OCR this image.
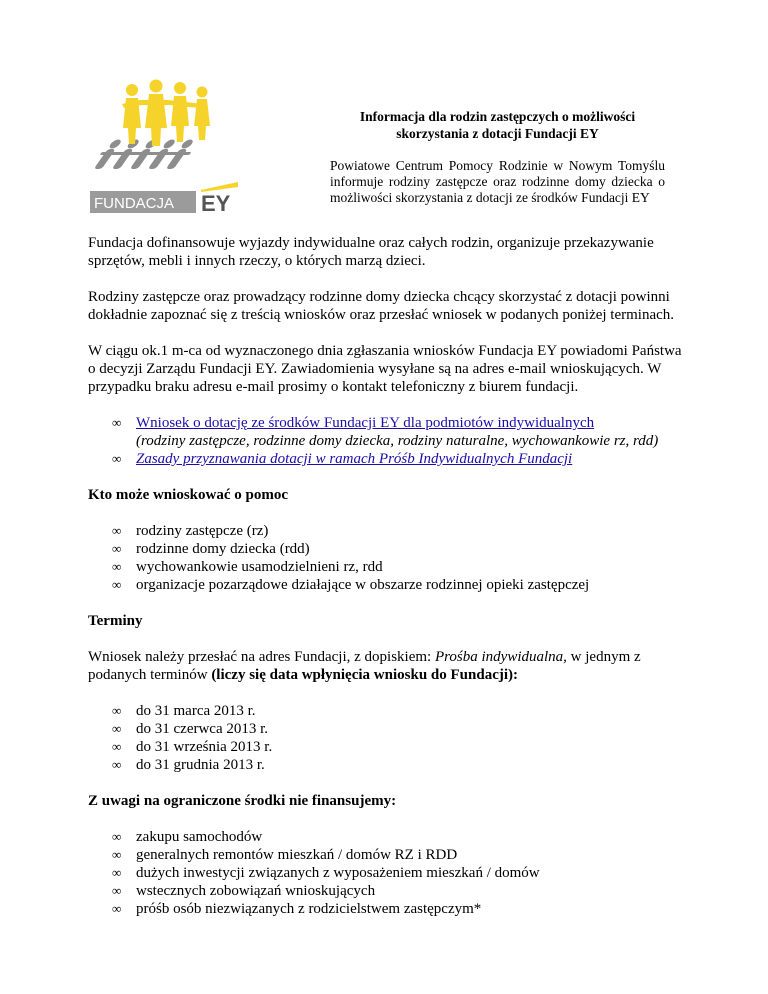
FUNDACJA EY

Informacja dla rodzin zastępczych o możliwości skorzystania z dotacji Fundacji EY

Powiatowe Centrum Pomocy Rodzinie w Nowym Tomyślu informuje rodziny zastępcze oraz rodzinne domy dziecka o możliwości skorzystania z dotacji ze środków Fundacji EY

Fundacja dofinansowuje wyjazdy indywidualne oraz całych rodzin, organizuje przekazywanie sprzętów, mebli i innych rzeczy, o których marzą dzieci.

Rodziny zastępcze oraz prowadzący rodzinne domy dziecka chcący skorzystać z dotacji powinni dokładnie zapoznać się z treścią wniosków oraz przesłać wniosek w podanych poniżej terminach.

W ciągu ok.1 m-ca od wyznaczonego dnia zgłaszania wniosków Fundacja EY powiadomi Państwa o decyzji Zarządu Fundacji EY. Zawiadomienia wysyłane są na adres e-mail wnioskujących. W przypadku braku adresu e-mail prosimy o kontakt telefoniczny z biurem fundacji.

∞ Wniosek o dotację ze środków Fundacji EY dla podmiotów indywidualnych
(rodziny zastępcze, rodzinne domy dziecka, rodziny naturalne, wychowankowie rz, rdd)
∞ Zasady przyznawania dotacji w ramach Próśb Indywidualnych Fundacji

Kto może wnioskować o pomoc

∞ rodziny zastępcze (rz)
∞ rodzinne domy dziecka (rdd)
∞ wychowankowie usamodzielnieni rz, rdd
∞ organizacje pozarządowe działające w obszarze rodzinnej opieki zastępczej

Terminy

Wniosek należy przesłać na adres Fundacji, z dopiskiem: Prośba indywidualna, w jednym z podanych terminów (liczy się data wpłynięcia wniosku do Fundacji):

∞ do 31 marca 2013 r.
∞ do 31 czerwca 2013 r.
∞ do 31 września 2013 r.
∞ do 31 grudnia 2013 r.

Z uwagi na ograniczone środki nie finansujemy:

∞ zakupu samochodów
∞ generalnych remontów mieszkań / domów RZ i RDD
∞ dużych inwestycji związanych z wyposażeniem mieszkań / domów
∞ wstecznych zobowiązań wnioskujących
∞ próśb osób niezwiązanych z rodzicielstwem zastępczym*
